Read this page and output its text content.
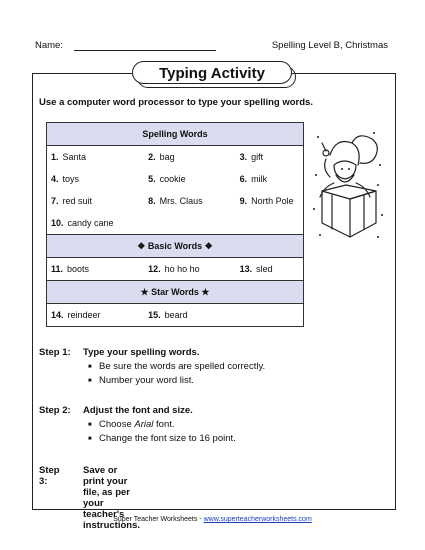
Name:	Spelling Level B, Christmas
Typing Activity
Use a computer word processor to type your spelling words.
Spelling Words		
1. Santa	2. bag	3. gift
4. toys	5. cookie	6. milk
7. red suit	8. Mrs. Claus	9. North Pole
10. candy cane		
❖ Basic Words ❖		
11. boots	12. ho ho ho	13. sled
★ Star Words ★		
14. reindeer	15. beard	
Step 1: Type your spelling words.
■ Be sure the words are spelled correctly.
■ Number your word list.
Step 2: Adjust the font and size.
■ Choose Arial font.
■ Change the font size to 16 point.
Step 3:
Save or print your file, as per your teacher's instructions.
Super Teacher Worksheets - www.superteacherworksheets.com
